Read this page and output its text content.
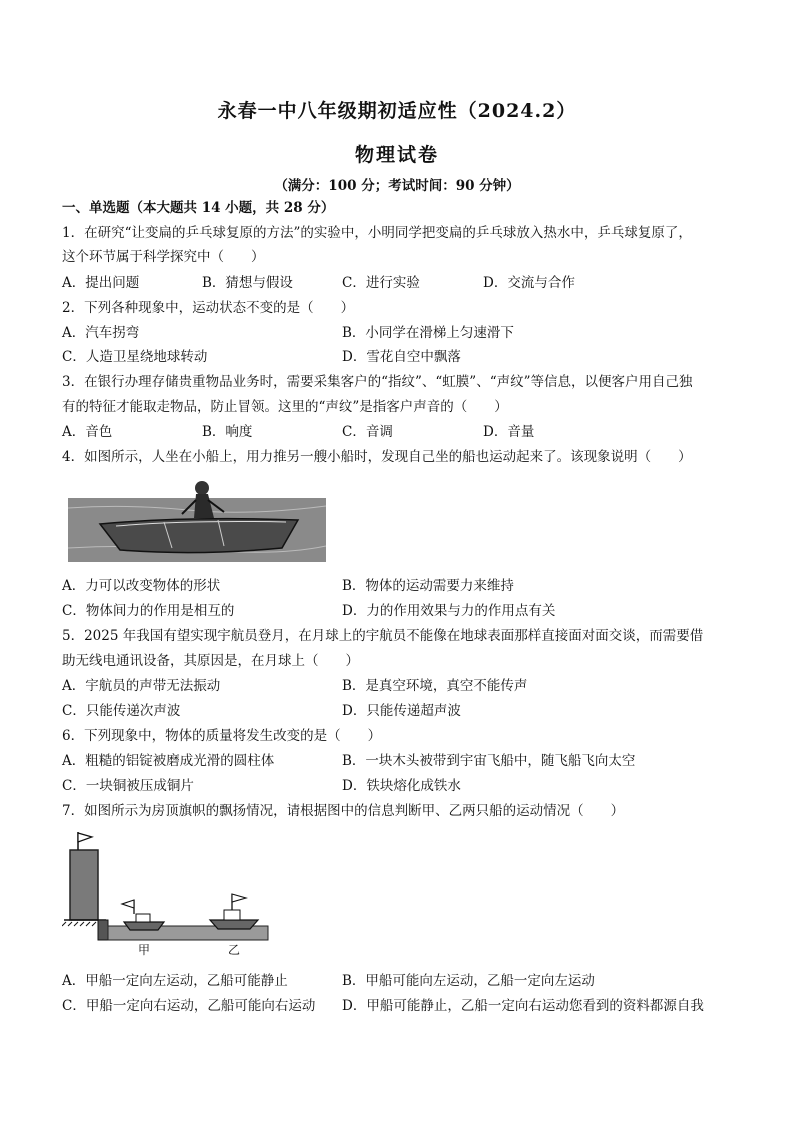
永春一中八年级期初适应性（2024.2）
物理试卷
（满分：100 分；考试时间：90 分钟）
一、单选题（本大题共 14 小题，共 28 分）
1．在研究“让变扁的乒乓球复原的方法”的实验中，小明同学把变扁的乒乓球放入热水中，乒乓球复原了，
这个环节属于科学探究中（　　）
A．提出问题	B．猜想与假设	C．进行实验	D．交流与合作
2．下列各种现象中，运动状态不变的是（　　）
A．汽车拐弯	B．小同学在滑梯上匀速滑下
C．人造卫星绕地球转动	D．雪花自空中飘落
3．在银行办理存储贵重物品业务时，需要采集客户的“指纹”、“虹膜”、“声纹”等信息，以便客户用自己独
有的特征才能取走物品，防止冒领。这里的“声纹”是指客户声音的（　　）
A．音色	B．响度	C．音调	D．音量
4．如图所示，人坐在小船上，用力推另一艘小船时，发现自己坐的船也运动起来了。该现象说明（　　）
A．力可以改变物体的形状	B．物体的运动需要力来维持
C．物体间力的作用是相互的	D．力的作用效果与力的作用点有关
5．2025 年我国有望实现宇航员登月，在月球上的宇航员不能像在地球表面那样直接面对面交谈，而需要借
助无线电通讯设备，其原因是，在月球上（　　）
A．宇航员的声带无法振动	B．是真空环境，真空不能传声
C．只能传递次声波	D．只能传递超声波
6．下列现象中，物体的质量将发生改变的是（　　）
A．粗糙的铝锭被磨成光滑的圆柱体	B．一块木头被带到宇宙飞船中，随飞船飞向太空
C．一块铜被压成铜片	D．铁块熔化成铁水
7．如图所示为房顶旗帜的飘扬情况，请根据图中的信息判断甲、乙两只船的运动情况（　　）
甲	乙
A．甲船一定向左运动，乙船可能静止	B．甲船可能向左运动，乙船一定向左运动
C．甲船一定向右运动，乙船可能向右运动 D．甲船可能静止，乙船一定向右运动您看到的资料都源自我
